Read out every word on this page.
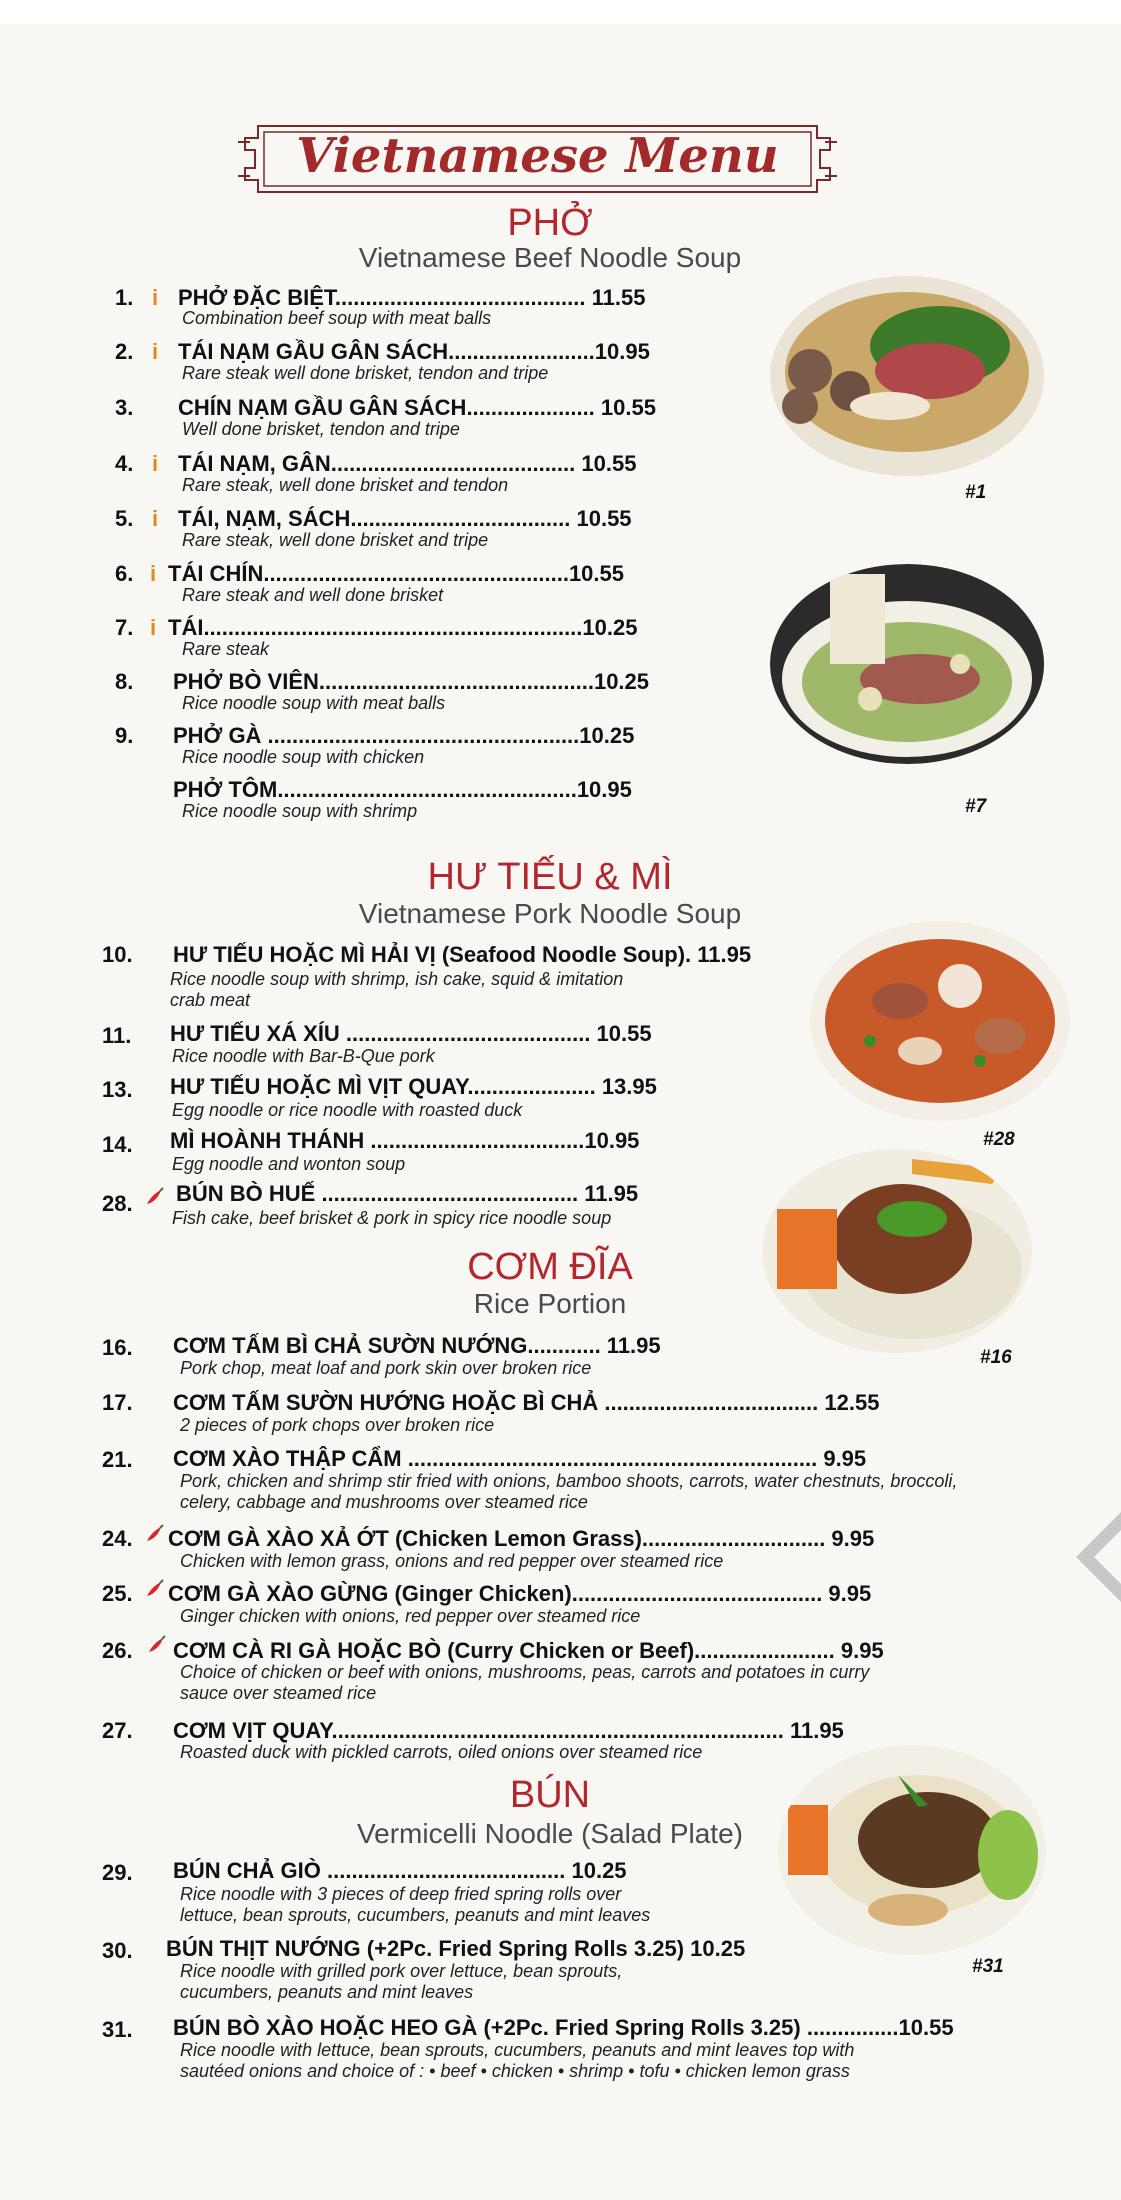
Vietnamese Menu
PHỞ
Vietnamese Beef Noodle Soup
1. i PHỞ ĐẶC BIỆT......................................... 11.55
Combination beef soup with meat balls
2. i TÁI NẠM GẦU GÂN SÁCH........................10.95
Rare steak well done brisket, tendon and tripe
3. CHÍN NẠM GẦU GÂN SÁCH..................... 10.55
Well done brisket, tendon and tripe
4. i TÁI NẠM, GÂN........................................ 10.55
Rare steak, well done brisket and tendon
5. i TÁI, NẠM, SÁCH.................................... 10.55
Rare steak, well done brisket and tripe
6. i TÁI CHÍN..................................................10.55
Rare steak and well done brisket
7. i TÁI..............................................................10.25
Rare steak
8. PHỞ BÒ VIÊN.............................................10.25
Rice noodle soup with meat balls
9. PHỞ GÀ ...................................................10.25
Rice noodle soup with chicken
PHỞ TÔM.................................................10.95
Rice noodle soup with shrimp
#1
#7
HƯ TIẾU & MÌ
Vietnamese Pork Noodle Soup
10. HƯ TIẾU HOẶC MÌ HẢI VỊ (Seafood Noodle Soup). 11.95
Rice noodle soup with shrimp, ish cake, squid & imitation crab meat
11. HƯ TIẾU XÁ XÍU ........................................ 10.55
Rice noodle with Bar-B-Que pork
13. HƯ TIẾU HOẶC MÌ VỊT QUAY..................... 13.95
Egg noodle or rice noodle with roasted duck
14. MÌ HOÀNH THÁNH ...................................10.95
Egg noodle and wonton soup
28. BÚN BÒ HUẾ .......................................... 11.95
Fish cake, beef brisket & pork in spicy rice noodle soup
#28
#16
CƠM ĐĨA
Rice Portion
16. CƠM TẤM BÌ CHẢ SƯỜN NƯỚNG............ 11.95
Pork chop, meat loaf and pork skin over broken rice
17. CƠM TẤM SƯỜN HƯỚNG HOẶC BÌ CHẢ ................................... 12.55
2 pieces of pork chops over broken rice
21. CƠM XÀO THẬP CẨM ................................................................... 9.95
Pork, chicken and shrimp stir fried with onions, bamboo shoots, carrots, water chestnuts, broccoli, celery, cabbage and mushrooms over steamed rice
24. CƠM GÀ XÀO XẢ ỚT (Chicken Lemon Grass).............................. 9.95
Chicken with lemon grass, onions and red pepper over steamed rice
25. CƠM GÀ XÀO GỪNG (Ginger Chicken)......................................... 9.95
Ginger chicken with onions, red pepper over steamed rice
26. CƠM CÀ RI GÀ HOẶC BÒ (Curry Chicken or Beef)....................... 9.95
Choice of chicken or beef with onions, mushrooms, peas, carrots and potatoes in curry sauce over steamed rice
27. CƠM VỊT QUAY.......................................................................... 11.95
Roasted duck with pickled carrots, oiled onions over steamed rice
BÚN
Vermicelli Noodle (Salad Plate)
29. BÚN CHẢ GIÒ ....................................... 10.25
Rice noodle with 3 pieces of deep fried spring rolls over lettuce, bean sprouts, cucumbers, peanuts and mint leaves
30. BÚN THỊT NƯỚNG (+2Pc. Fried Spring Rolls 3.25) 10.25
Rice noodle with grilled pork over lettuce, bean sprouts, cucumbers, peanuts and mint leaves
31. BÚN BÒ XÀO HOẶC HEO GÀ (+2Pc. Fried Spring Rolls 3.25) ...............10.55
Rice noodle with lettuce, bean sprouts, cucumbers, peanuts and mint leaves top with sautéed onions and choice of : • beef • chicken • shrimp • tofu • chicken lemon grass
#31
